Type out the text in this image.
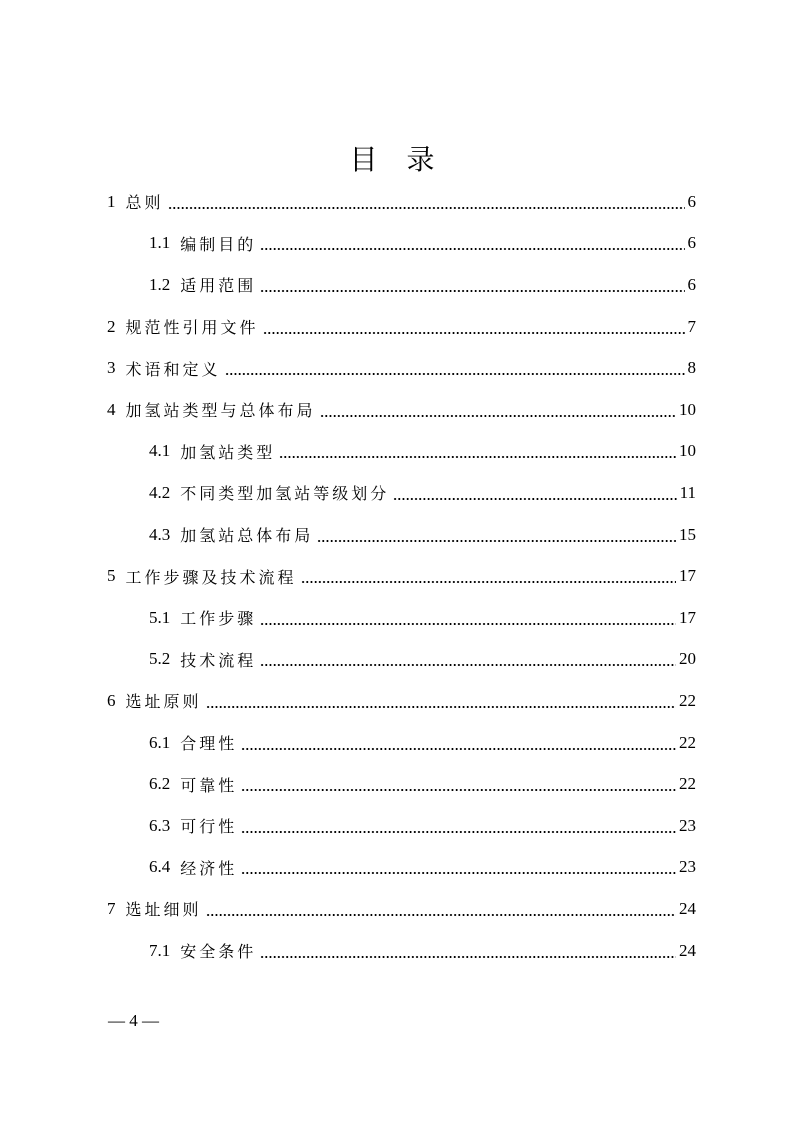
目 录
1 总则	6
1.1 编制目的	6
1.2 适用范围	6
2 规范性引用文件	7
3 术语和定义	8
4 加氢站类型与总体布局	10
4.1 加氢站类型	10
4.2 不同类型加氢站等级划分	11
4.3 加氢站总体布局	15
5 工作步骤及技术流程	17
5.1 工作步骤	17
5.2 技术流程	20
6 选址原则	22
6.1 合理性	22
6.2 可靠性	22
6.3 可行性	23
6.4 经济性	23
7 选址细则	24
7.1 安全条件	24
— 4 —
